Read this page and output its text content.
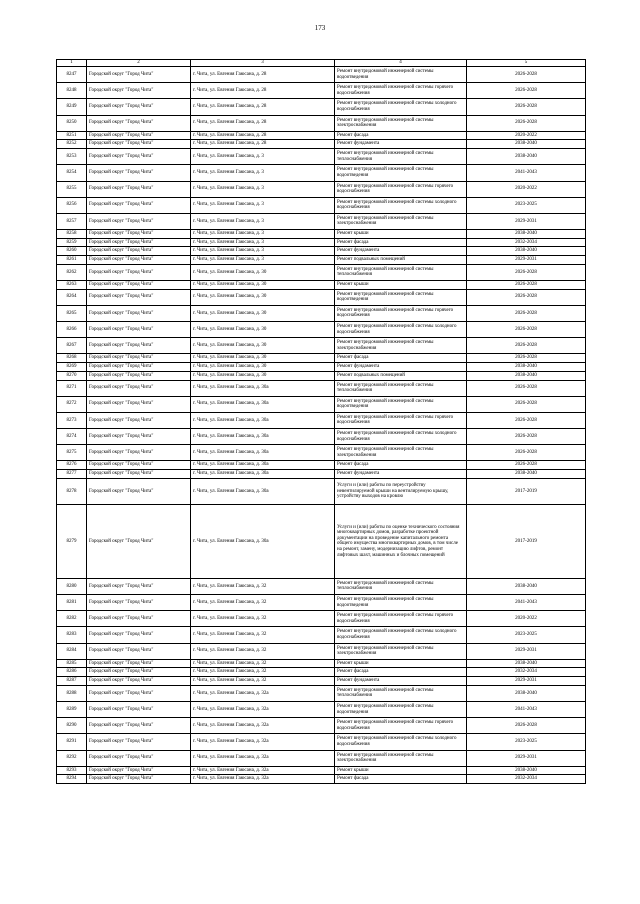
173
1	2	3	4	5
8247	Городской округ "Город Чита"	г. Чита, ул. Евгения Гаюсана, д. 28	Ремонт внутридомовой инженерной системы водоотведения	2026-2028
8248	Городской округ "Город Чита"	г. Чита, ул. Евгения Гаюсана, д. 28	Ремонт внутридомовой инженерной системы горячего водоснабжения	2026-2028
8249	Городской округ "Город Чита"	г. Чита, ул. Евгения Гаюсана, д. 28	Ремонт внутридомовой инженерной системы холодного водоснабжения	2026-2028
8250	Городской округ "Город Чита"	г. Чита, ул. Евгения Гаюсана, д. 28	Ремонт внутридомовой инженерной системы электроснабжения	2026-2028
8251	Городской округ "Город Чита"	г. Чита, ул. Евгения Гаюсана, д. 28	Ремонт фасада	2020-2022
8252	Городской округ "Город Чита"	г. Чита, ул. Евгения Гаюсана, д. 28	Ремонт фундамента	2038-2040
8253	Городской округ "Город Чита"	г. Чита, ул. Евгения Гаюсана, д. 3	Ремонт внутридомовой инженерной системы теплоснабжения	2038-2040
8254	Городской округ "Город Чита"	г. Чита, ул. Евгения Гаюсана, д. 3	Ремонт внутридомовой инженерной системы водоотведения	2041-2043
8255	Городской округ "Город Чита"	г. Чита, ул. Евгения Гаюсана, д. 3	Ремонт внутридомовой инженерной системы горячего водоснабжения	2020-2022
8256	Городской округ "Город Чита"	г. Чита, ул. Евгения Гаюсана, д. 3	Ремонт внутридомовой инженерной системы холодного водоснабжения	2023-2025
8257	Городской округ "Город Чита"	г. Чита, ул. Евгения Гаюсана, д. 3	Ремонт внутридомовой инженерной системы электроснабжения	2029-2031
8258	Городской округ "Город Чита"	г. Чита, ул. Евгения Гаюсана, д. 3	Ремонт крыши	2038-2040
8259	Городской округ "Город Чита"	г. Чита, ул. Евгения Гаюсана, д. 3	Ремонт фасада	2032-2034
8260	Городской округ "Город Чита"	г. Чита, ул. Евгения Гаюсана, д. 3	Ремонт фундамента	2038-2040
8261	Городской округ "Город Чита"	г. Чита, ул. Евгения Гаюсана, д. 3	Ремонт подвальных помещений	2029-2031
8262	Городской округ "Город Чита"	г. Чита, ул. Евгения Гаюсана, д. 30	Ремонт внутридомовой инженерной системы теплоснабжения	2026-2028
8263	Городской округ "Город Чита"	г. Чита, ул. Евгения Гаюсана, д. 30	Ремонт крыши	2026-2028
8264	Городской округ "Город Чита"	г. Чита, ул. Евгения Гаюсана, д. 30	Ремонт внутридомовой инженерной системы водоотведения	2026-2028
8265	Городской округ "Город Чита"	г. Чита, ул. Евгения Гаюсана, д. 30	Ремонт внутридомовой инженерной системы горячего водоснабжения	2026-2028
8266	Городской округ "Город Чита"	г. Чита, ул. Евгения Гаюсана, д. 30	Ремонт внутридомовой инженерной системы холодного водоснабжения	2026-2028
8267	Городской округ "Город Чита"	г. Чита, ул. Евгения Гаюсана, д. 30	Ремонт внутридомовой инженерной системы электроснабжения	2026-2028
8268	Городской округ "Город Чита"	г. Чита, ул. Евгения Гаюсана, д. 30	Ремонт фасада	2026-2028
8269	Городской округ "Город Чита"	г. Чита, ул. Евгения Гаюсана, д. 30	Ремонт фундамента	2038-2040
8270	Городской округ "Город Чита"	г. Чита, ул. Евгения Гаюсана, д. 30	Ремонт подвальных помещений	2038-2040
8271	Городской округ "Город Чита"	г. Чита, ул. Евгения Гаюсана, д. 30а	Ремонт внутридомовой инженерной системы теплоснабжения	2026-2028
8272	Городской округ "Город Чита"	г. Чита, ул. Евгения Гаюсана, д. 30а	Ремонт внутридомовой инженерной системы водоотведения	2026-2028
8273	Городской округ "Город Чита"	г. Чита, ул. Евгения Гаюсана, д. 30а	Ремонт внутридомовой инженерной системы горячего водоснабжения	2026-2028
8274	Городской округ "Город Чита"	г. Чита, ул. Евгения Гаюсана, д. 30а	Ремонт внутридомовой инженерной системы холодного водоснабжения	2026-2028
8275	Городской округ "Город Чита"	г. Чита, ул. Евгения Гаюсана, д. 30а	Ремонт внутридомовой инженерной системы электроснабжения	2026-2028
8276	Городской округ "Город Чита"	г. Чита, ул. Евгения Гаюсана, д. 30а	Ремонт фасада	2026-2028
8277	Городской округ "Город Чита"	г. Чита, ул. Евгения Гаюсана, д. 30а	Ремонт фундамента	2038-2040
8278	Городской округ "Город Чита"	г. Чита, ул. Евгения Гаюсана, д. 30а	Услуги и (или) работы по переустройству невентилируемой крыши на вентилируемую крышу, устройству выходов на кровлю	2017-2019
8279	Городской округ "Город Чита"	г. Чита, ул. Евгения Гаюсана, д. 30а	Услуги и (или) работы по оценке технического состояния многоквартирных домов, разработке проектной документации на проведение капитального ремонта общего имущества многоквартирных домов, в том числе на ремонт, замену, модернизацию лифтов, ремонт лифтовых шахт, машинных и блочных помещений	2017-2019
8280	Городской округ "Город Чита"	г. Чита, ул. Евгения Гаюсана, д. 32	Ремонт внутридомовой инженерной системы теплоснабжения	2038-2040
8281	Городской округ "Город Чита"	г. Чита, ул. Евгения Гаюсана, д. 32	Ремонт внутридомовой инженерной системы водоотведения	2041-2043
8282	Городской округ "Город Чита"	г. Чита, ул. Евгения Гаюсана, д. 32	Ремонт внутридомовой инженерной системы горячего водоснабжения	2020-2022
8283	Городской округ "Город Чита"	г. Чита, ул. Евгения Гаюсана, д. 32	Ремонт внутридомовой инженерной системы холодного водоснабжения	2023-2025
8284	Городской округ "Город Чита"	г. Чита, ул. Евгения Гаюсана, д. 32	Ремонт внутридомовой инженерной системы электроснабжения	2029-2031
8285	Городской округ "Город Чита"	г. Чита, ул. Евгения Гаюсана, д. 32	Ремонт крыши	2038-2040
8286	Городской округ "Город Чита"	г. Чита, ул. Евгения Гаюсана, д. 32	Ремонт фасада	2032-2034
8287	Городской округ "Город Чита"	г. Чита, ул. Евгения Гаюсана, д. 32	Ремонт фундамента	2029-2031
8288	Городской округ "Город Чита"	г. Чита, ул. Евгения Гаюсана, д. 32а	Ремонт внутридомовой инженерной системы теплоснабжения	2038-2040
8289	Городской округ "Город Чита"	г. Чита, ул. Евгения Гаюсана, д. 32а	Ремонт внутридомовой инженерной системы водоотведения	2041-2043
8290	Городской округ "Город Чита"	г. Чита, ул. Евгения Гаюсана, д. 32а	Ремонт внутридомовой инженерной системы горячего водоснабжения	2026-2028
8291	Городской округ "Город Чита"	г. Чита, ул. Евгения Гаюсана, д. 32а	Ремонт внутридомовой инженерной системы холодного водоснабжения	2023-2025
8292	Городской округ "Город Чита"	г. Чита, ул. Евгения Гаюсана, д. 32а	Ремонт внутридомовой инженерной системы электроснабжения	2029-2031
8293	Городской округ "Город Чита"	г. Чита, ул. Евгения Гаюсана, д. 32а	Ремонт крыши	2038-2040
8294	Городской округ "Город Чита"	г. Чита, ул. Евгения Гаюсана, д. 32а	Ремонт фасада	2032-2034
